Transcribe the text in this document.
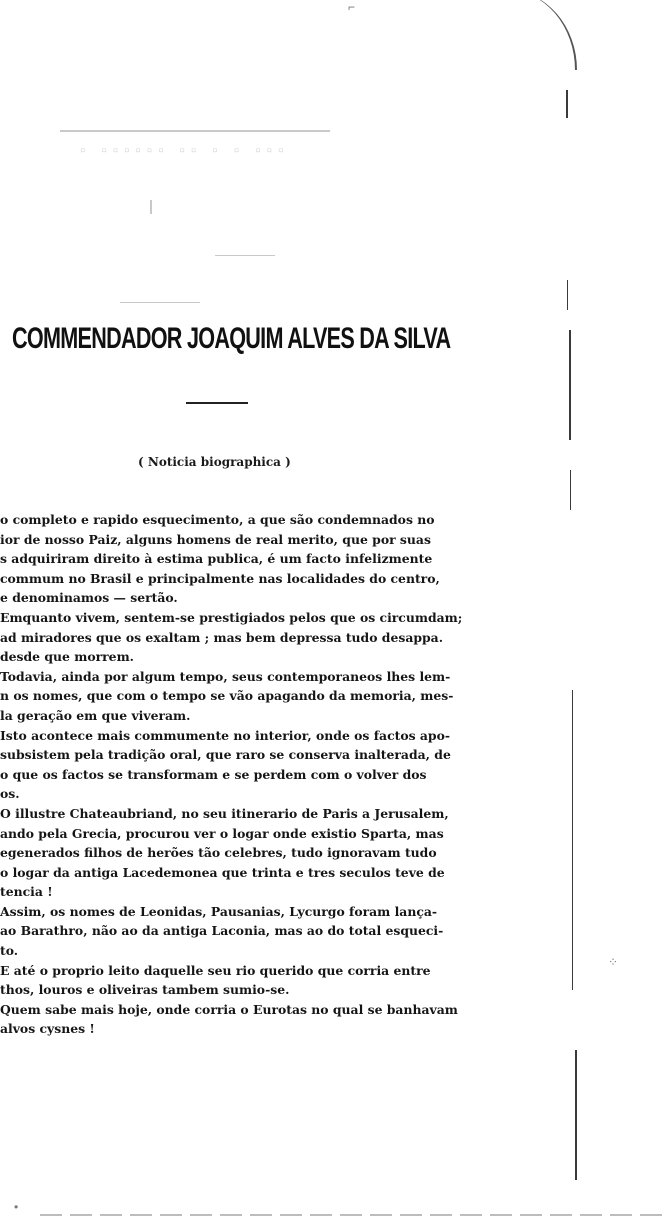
▫ ▫▫▫▫▫▫ ▫▫ ▫ ▫ ▫▫▫
COMMENDADOR JOAQUIM ALVES DA SILVA
( Noticia biographica )
o completo e rapido esquecimento, a que são condemnados no
ior de nosso Paiz, alguns homens de real merito, que por suas
s adquiriram direito à estima publica, é um facto infelizmente
commum no Brasil e principalmente nas localidades do centro,
e denominamos — sertão.
Emquanto vivem, sentem-se prestigiados pelos que os circumdam;
ad miradores que os exaltam ; mas bem depressa tudo desappa.
desde que morrem.
Todavia, ainda por algum tempo, seus contemporaneos lhes lem-
n os nomes, que com o tempo se vão apagando da memoria, mes-
la geração em que viveram.
Isto acontece mais commumente no interior, onde os factos apo-
subsistem pela tradição oral, que raro se conserva inalterada, de
o que os factos se transformam e se perdem com o volver dos
os.
O illustre Chateaubriand, no seu itinerario de Paris a Jerusalem,
ando pela Grecia, procurou ver o logar onde existio Sparta, mas
egenerados filhos de herões tão celebres, tudo ignoravam tudo
o logar da antiga Lacedemonea que trinta e tres seculos teve de
tencia !
Assim, os nomes de Leonidas, Pausanias, Lycurgo foram lança-
ao Barathro, não ao da antiga Laconia, mas ao do total esqueci-
to.
E até o proprio leito daquelle seu rio querido que corria entre
thos, louros e oliveiras tambem sumio-se.
Quem sabe mais hoje, onde corria o Eurotas no qual se banhavam
alvos cysnes !
⌐
⁘
•
